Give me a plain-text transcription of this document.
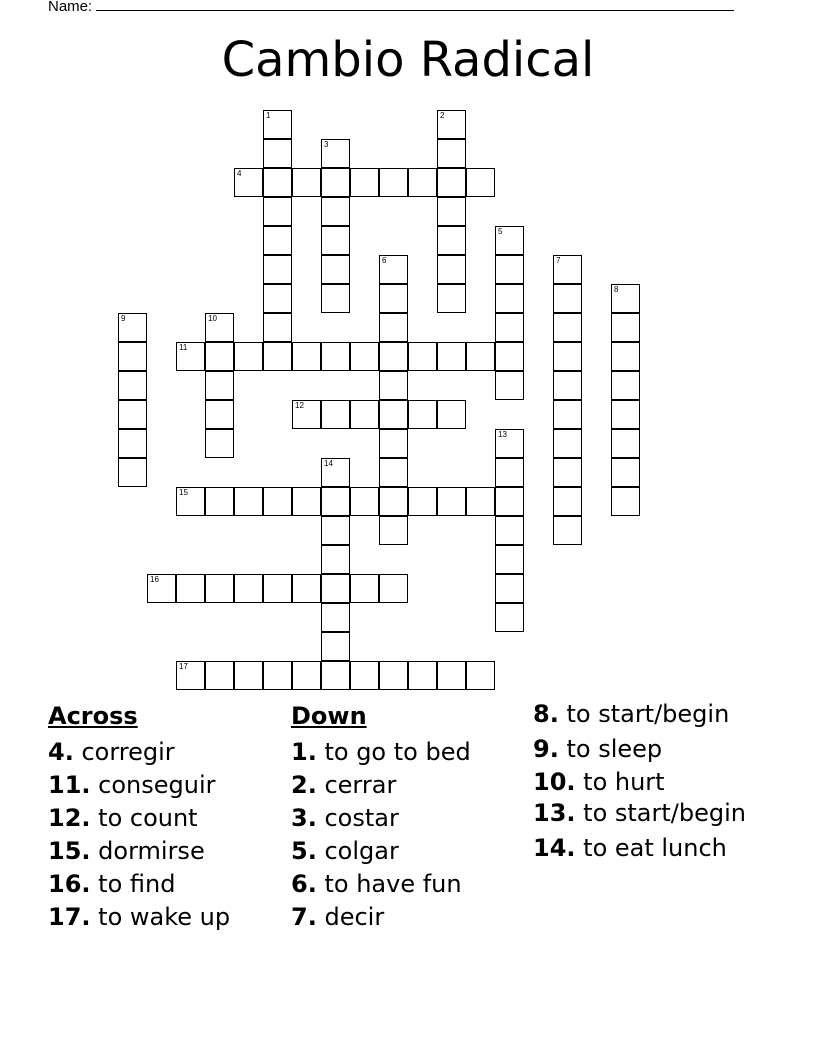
Name:
Cambio Radical
1	2
3
4
5
6	7
8
9	10
11
12
13
14
15
16
17
Across
4. corregir
11. conseguir
12. to count
15. dormirse
16. to find
17. to wake up
Down
1. to go to bed
2. cerrar
3. costar
5. colgar
6. to have fun
7. decir
8. to start/begin
9. to sleep
10. to hurt
13. to start/begin
14. to eat lunch
